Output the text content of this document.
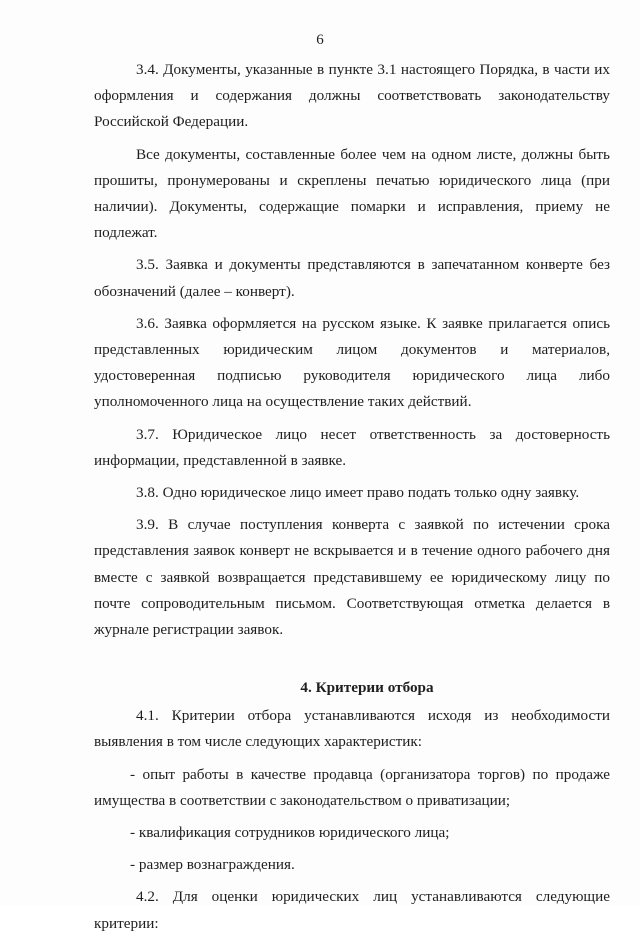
6

3.4. Документы, указанные в пункте 3.1 настоящего Порядка, в части их оформления и содержания должны соответствовать законодательству Российской Федерации.

Все документы, составленные более чем на одном листе, должны быть прошиты, пронумерованы и скреплены печатью юридического лица (при наличии). Документы, содержащие помарки и исправления, приему не подлежат.

3.5. Заявка и документы представляются в запечатанном конверте без обозначений (далее – конверт).

3.6. Заявка оформляется на русском языке. К заявке прилагается опись представленных юридическим лицом документов и материалов, удостоверенная подписью руководителя юридического лица либо уполномоченного лица на осуществление таких действий.

3.7. Юридическое лицо несет ответственность за достоверность информации, представленной в заявке.

3.8. Одно юридическое лицо имеет право подать только одну заявку.

3.9. В случае поступления конверта с заявкой по истечении срока представления заявок конверт не вскрывается и в течение одного рабочего дня вместе с заявкой возвращается представившему ее юридическому лицу по почте сопроводительным письмом. Соответствующая отметка делается в журнале регистрации заявок.

4. Критерии отбора

4.1. Критерии отбора устанавливаются исходя из необходимости выявления в том числе следующих характеристик:

- опыт работы в качестве продавца (организатора торгов) по продаже имущества в соответствии с законодательством о приватизации;

- квалификация сотрудников юридического лица;

- размер вознаграждения.

4.2. Для оценки юридических лиц устанавливаются следующие критерии:
